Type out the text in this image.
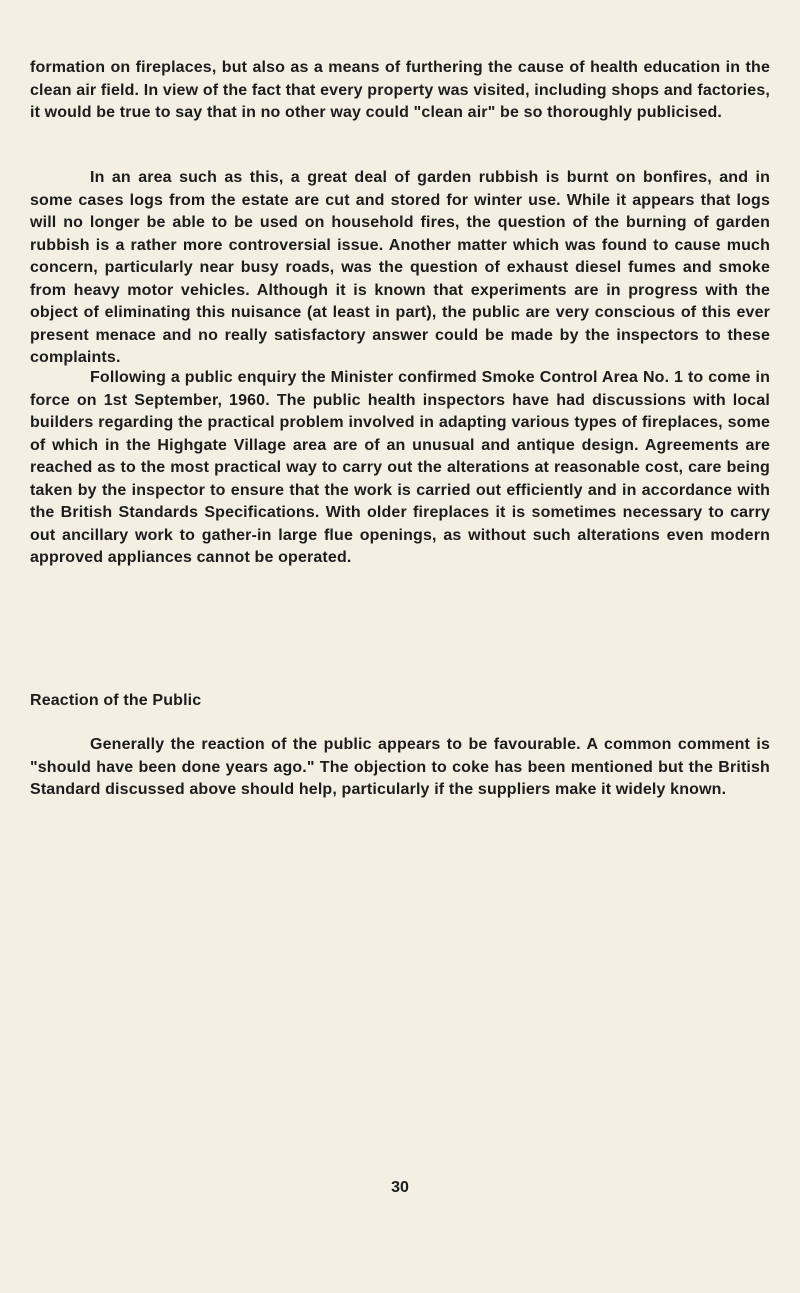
formation on fireplaces, but also as a means of furthering the cause of health education in the clean air field. In view of the fact that every property was visited, including shops and factories, it would be true to say that in no other way could "clean air" be so thoroughly publicised.

In an area such as this, a great deal of garden rubbish is burnt on bonfires, and in some cases logs from the estate are cut and stored for winter use. While it appears that logs will no longer be able to be used on household fires, the question of the burning of garden rubbish is a rather more controversial issue. Another matter which was found to cause much concern, particularly near busy roads, was the question of exhaust diesel fumes and smoke from heavy motor vehicles. Although it is known that experiments are in progress with the object of eliminating this nuisance (at least in part), the public are very conscious of this ever present menace and no really satisfactory answer could be made by the inspectors to these complaints.

Following a public enquiry the Minister confirmed Smoke Control Area No. 1 to come in force on 1st September, 1960. The public health inspectors have had discussions with local builders regarding the practical problem involved in adapting various types of fireplaces, some of which in the Highgate Village area are of an unusual and antique design. Agreements are reached as to the most practical way to carry out the alterations at reasonable cost, care being taken by the inspector to ensure that the work is carried out efficiently and in accordance with the British Standards Specifications. With older fireplaces it is sometimes necessary to carry out ancillary work to gather-in large flue openings, as without such alterations even modern approved appliances cannot be operated.

Reaction of the Public

Generally the reaction of the public appears to be favourable. A common comment is "should have been done years ago." The objection to coke has been mentioned but the British Standard discussed above should help, particularly if the suppliers make it widely known.

30
